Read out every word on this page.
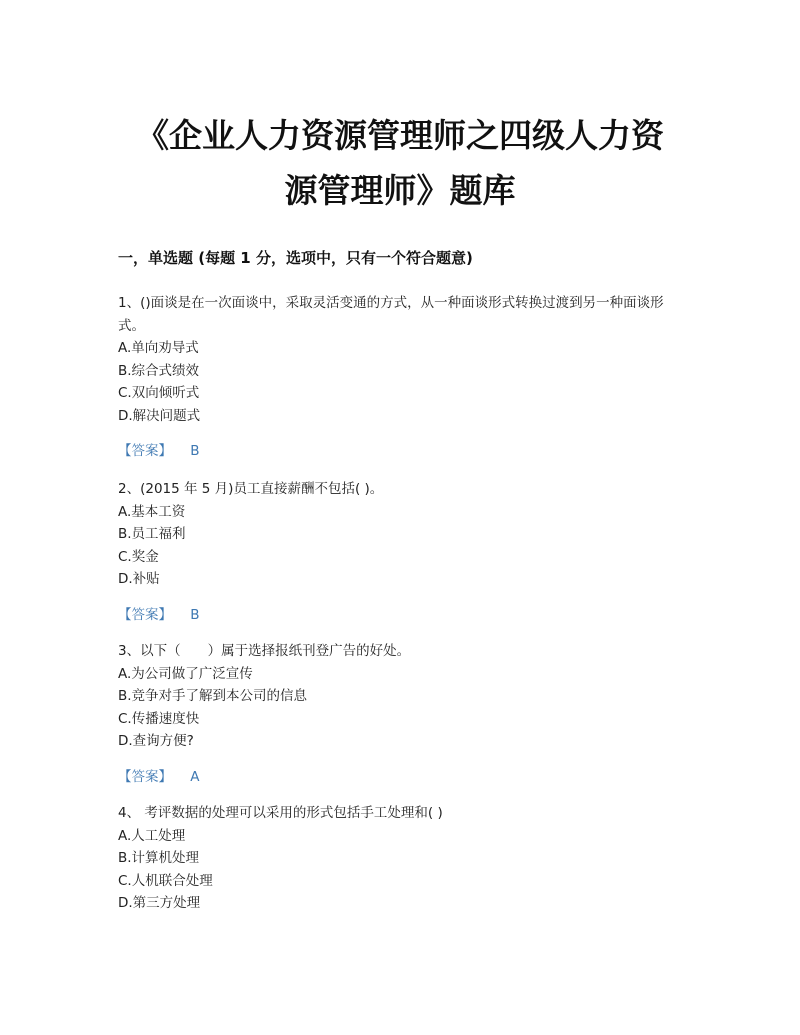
《企业人力资源管理师之四级人力资
源管理师》题库
一，单选题 (每题 1 分，选项中，只有一个符合题意)

1、()面谈是在一次面谈中，采取灵活变通的方式，从一种面谈形式转换过渡到另一种面谈形式。

A.单向劝导式

B.综合式绩效

C.双向倾听式

D.解决问题式

【答案】 B

2、(2015 年 5 月)员工直接薪酬不包括( )。

A.基本工资

B.员工福利

C.奖金

D.补贴

【答案】 B

3、以下（　　）属于选择报纸刊登广告的好处。

A.为公司做了广泛宣传

B.竞争对手了解到本公司的信息

C.传播速度快

D.查询方便?

【答案】 A

4、 考评数据的处理可以采用的形式包括手工处理和( )

A.人工处理

B.计算机处理

C.人机联合处理

D.第三方处理
